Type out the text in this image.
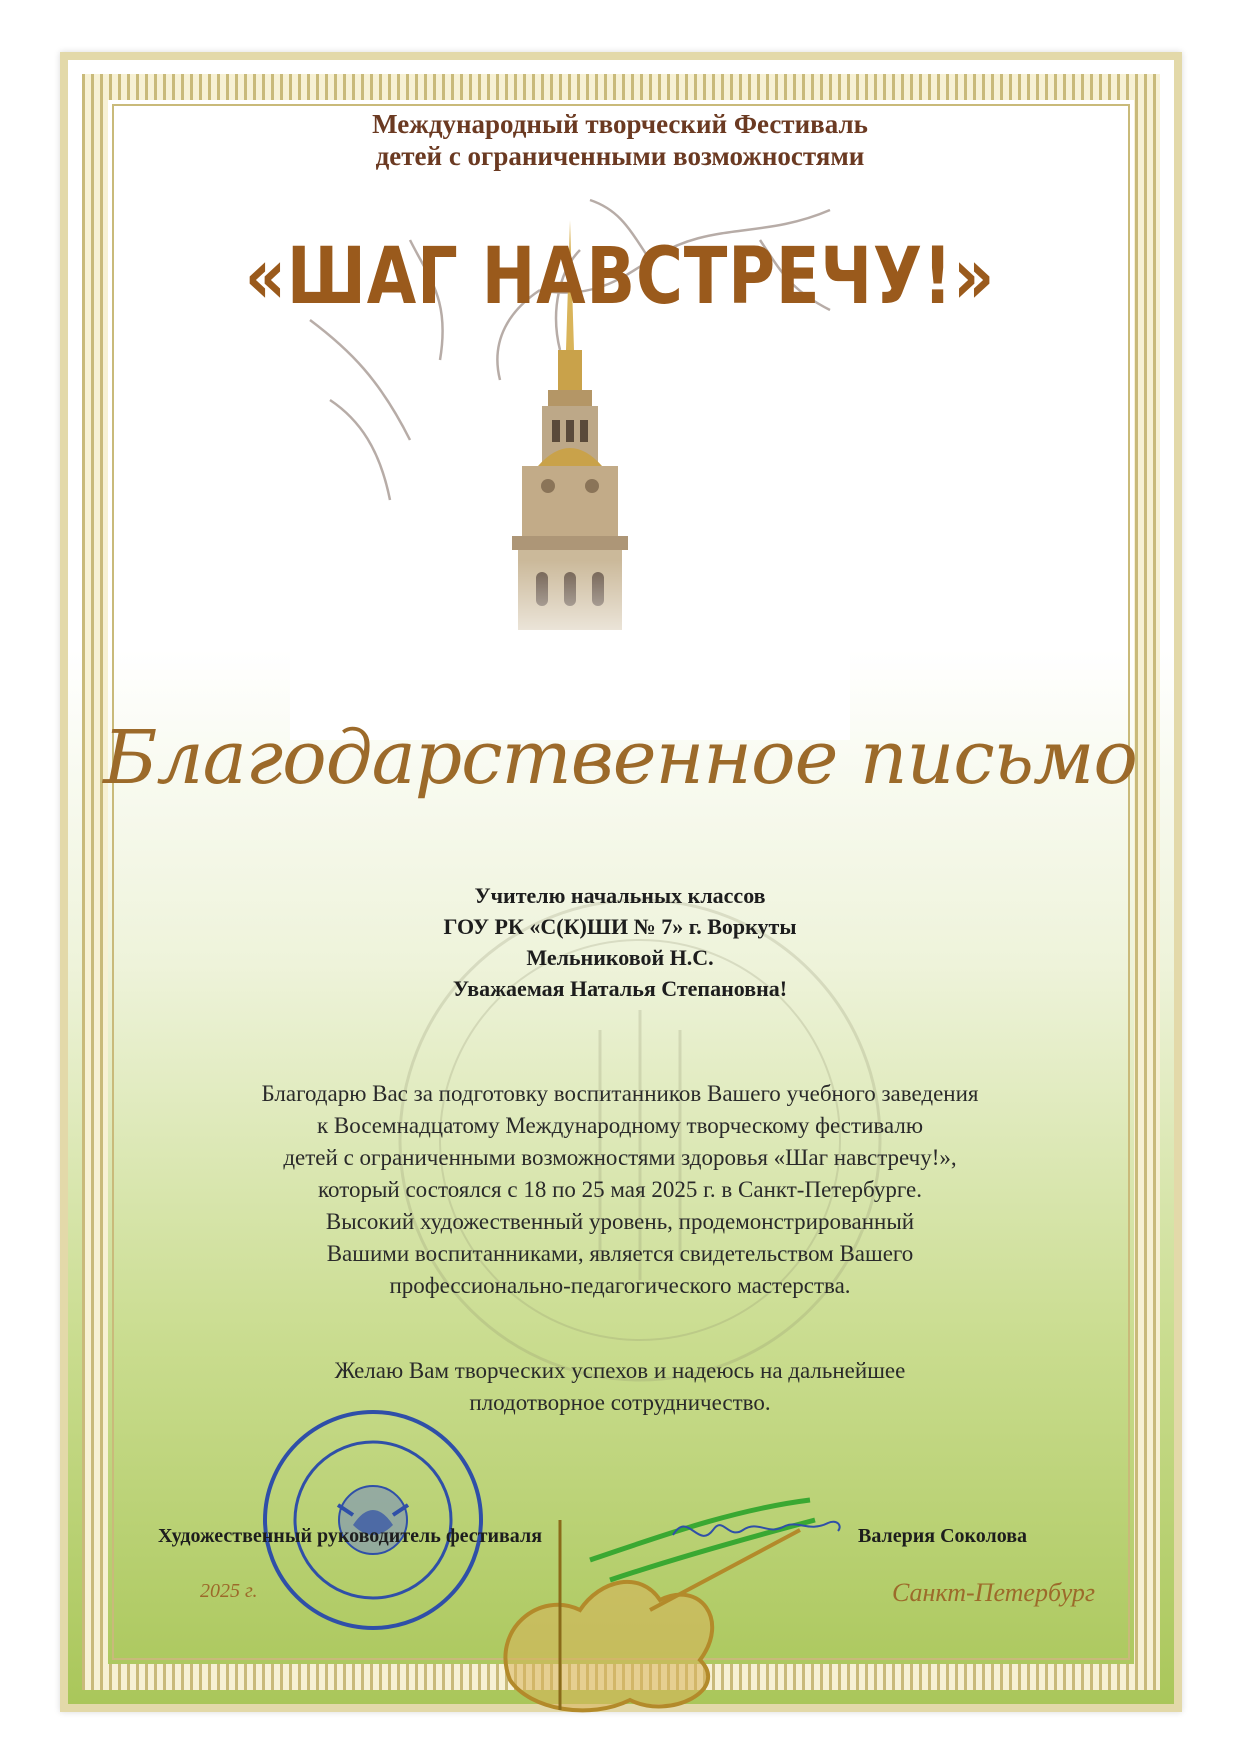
Международный творческий Фестиваль
детей с ограниченными возможностями
«ШАГ НАВСТРЕЧУ!»
Благодарственное письмо
Учителю начальных классов
ГОУ РК «С(К)ШИ № 7» г. Воркуты
Мельниковой Н.С.
Уважаемая Наталья Степановна!
Благодарю Вас за подготовку воспитанников Вашего учебного заведения
к Восемнадцатому Международному творческому фестивалю
детей с ограниченными возможностями здоровья «Шаг навстречу!»,
который состоялся с 18 по 25 мая 2025 г. в Санкт-Петербурге.
Высокий художественный уровень, продемонстрированный
Вашими воспитанниками, является свидетельством Вашего
профессионально-педагогического мастерства.
Желаю Вам творческих успехов и надеюсь на дальнейшее
плодотворное сотрудничество.
Художественный руководитель фестиваля	Валерия Соколова
2025 г.	Санкт-Петербург
